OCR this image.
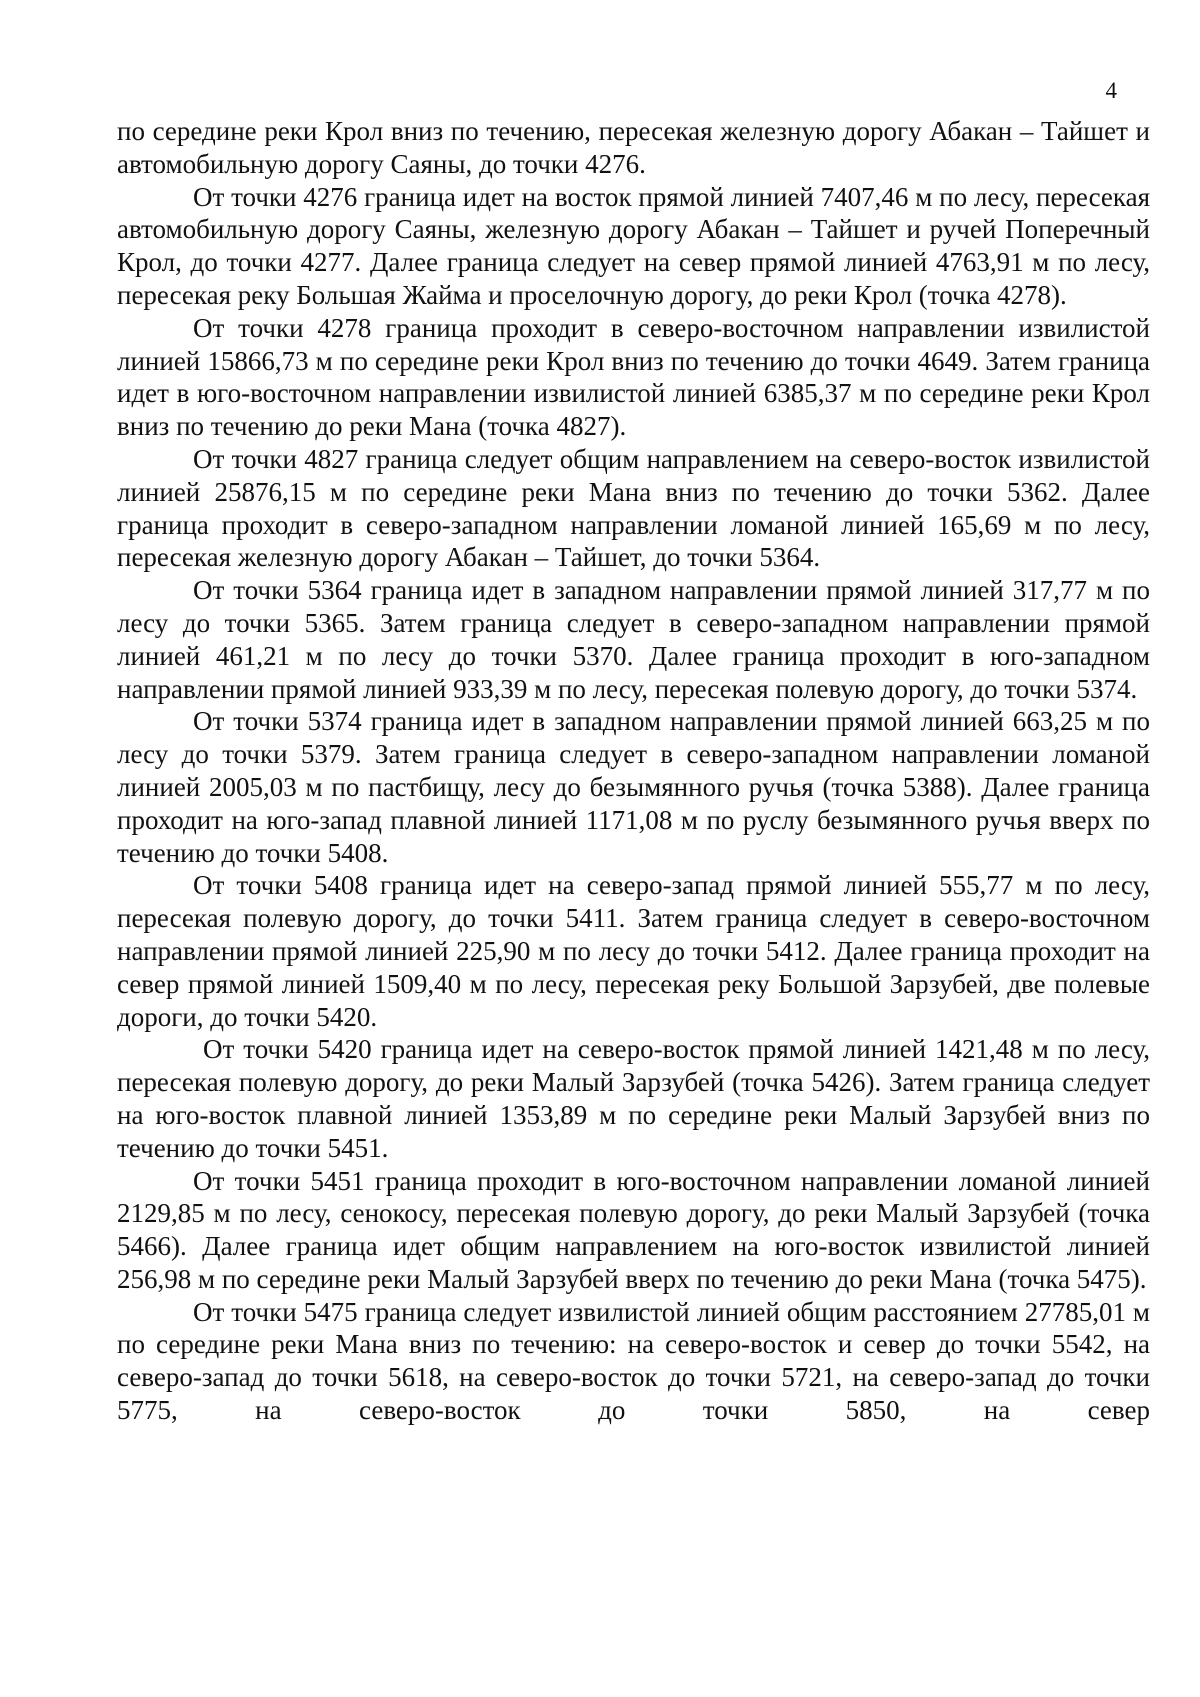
4

по середине реки Крол вниз по течению, пересекая железную дорогу Абакан – Тайшет и автомобильную дорогу Саяны, до точки 4276.

От точки 4276 граница идет на восток прямой линией 7407,46 м по лесу, пересекая автомобильную дорогу Саяны, железную дорогу Абакан – Тайшет и ручей Поперечный Крол, до точки 4277. Далее граница следует на север прямой линией 4763,91 м по лесу, пересекая реку Большая Жайма и проселочную дорогу, до реки Крол (точка 4278).

От точки 4278 граница проходит в северо-восточном направлении извилистой линией 15866,73 м по середине реки Крол вниз по течению до точки 4649. Затем граница идет в юго-восточном направлении извилистой линией 6385,37 м по середине реки Крол вниз по течению до реки Мана (точка 4827).

От точки 4827 граница следует общим направлением на северо-восток извилистой линией 25876,15 м по середине реки Мана вниз по течению до точки 5362. Далее граница проходит в северо-западном направлении ломаной линией 165,69 м по лесу, пересекая железную дорогу Абакан – Тайшет, до точки 5364.

От точки 5364 граница идет в западном направлении прямой линией 317,77 м по лесу до точки 5365. Затем граница следует в северо-западном направлении прямой линией 461,21 м по лесу до точки 5370. Далее граница проходит в юго-западном направлении прямой линией 933,39 м по лесу, пересекая полевую дорогу, до точки 5374.

От точки 5374 граница идет в западном направлении прямой линией 663,25 м по лесу до точки 5379. Затем граница следует в северо-западном направлении ломаной линией 2005,03 м по пастбищу, лесу до безымянного ручья (точка 5388). Далее граница проходит на юго-запад плавной линией 1171,08 м по руслу безымянного ручья вверх по течению до точки 5408.

От точки 5408 граница идет на северо-запад прямой линией 555,77 м по лесу, пересекая полевую дорогу, до точки 5411. Затем граница следует в северо-восточном направлении прямой линией 225,90 м по лесу до точки 5412. Далее граница проходит на север прямой линией 1509,40 м по лесу, пересекая реку Большой Зарзубей, две полевые дороги, до точки 5420.

От точки 5420 граница идет на северо-восток прямой линией 1421,48 м по лесу, пересекая полевую дорогу, до реки Малый Зарзубей (точка 5426). Затем граница следует на юго-восток плавной линией 1353,89 м по середине реки Малый Зарзубей вниз по течению до точки 5451.

От точки 5451 граница проходит в юго-восточном направлении ломаной линией 2129,85 м по лесу, сенокосу, пересекая полевую дорогу, до реки Малый Зарзубей (точка 5466). Далее граница идет общим направлением на юго-восток извилистой линией 256,98 м по середине реки Малый Зарзубей вверх по течению до реки Мана (точка 5475).

От точки 5475 граница следует извилистой линией общим расстоянием 27785,01 м по середине реки Мана вниз по течению: на северо-восток и север до точки 5542, на северо-запад до точки 5618, на северо-восток до точки 5721, на северо-запад до точки 5775, на северо-восток до точки 5850, на север
